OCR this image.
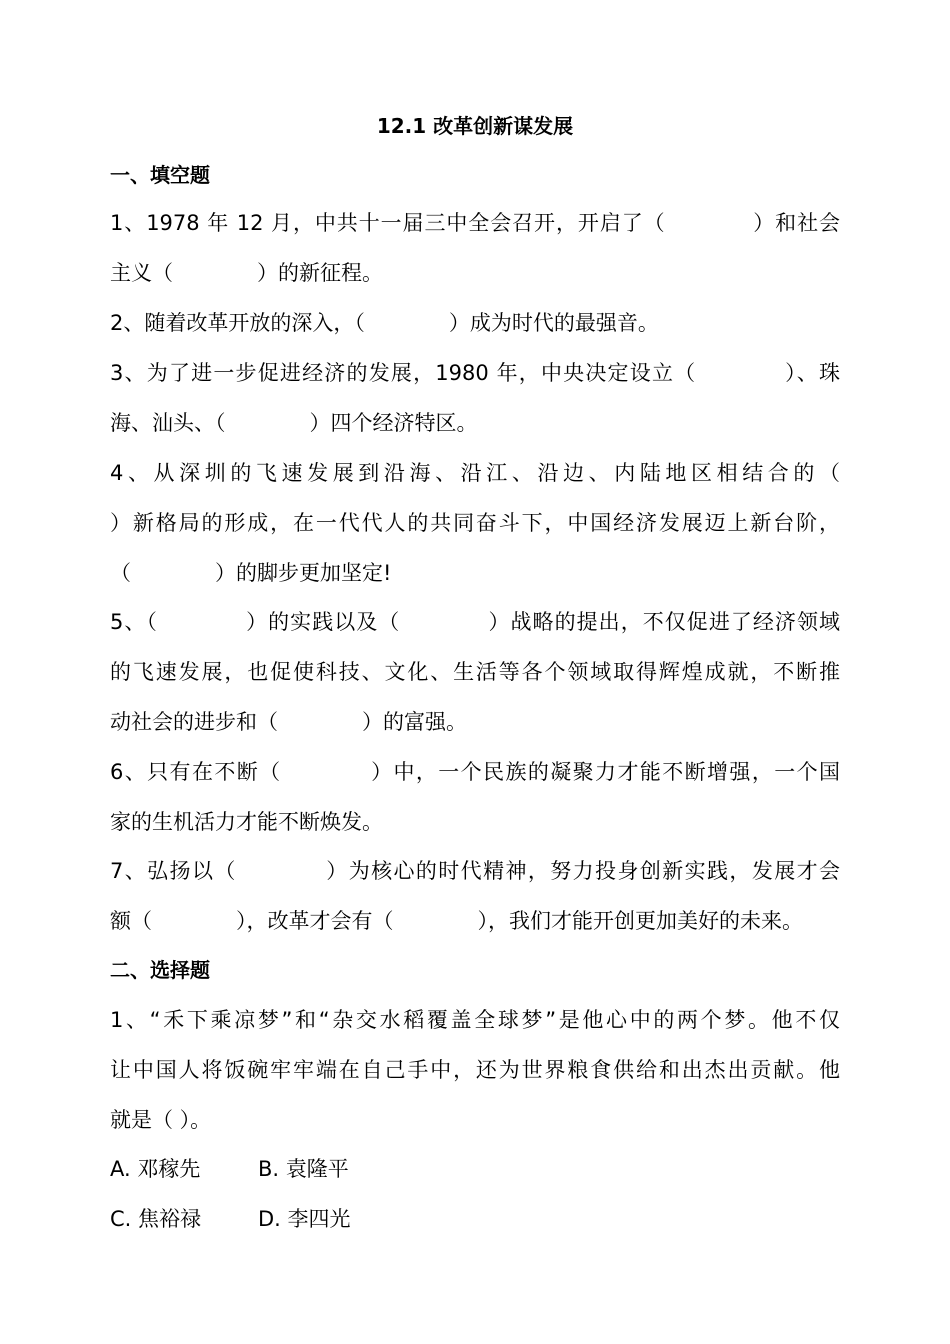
12.1 改革创新谋发展
一、填空题
1、1978 年 12 月，中共十一届三中全会召开，开启了（　　　　）和社会
主义（　　　　）的新征程。
2、随着改革开放的深入，（　　　　）成为时代的最强音。
3、为了进一步促进经济的发展，1980 年，中央决定设立（　　　　）、珠
海、汕头、（　　　　）四个经济特区。
4、从深圳的飞速发展到沿海、沿江、沿边、内陆地区相结合的（
）新格局的形成，在一代代人的共同奋斗下，中国经济发展迈上新台阶，
（　　　　）的脚步更加坚定!
5、（　　　　）的实践以及（　　　　）战略的提出，不仅促进了经济领域
的飞速发展，也促使科技、文化、生活等各个领域取得辉煌成就，不断推
动社会的进步和（　　　　）的富强。
6、只有在不断（　　　　）中，一个民族的凝聚力才能不断增强，一个国
家的生机活力才能不断焕发。
7、弘扬以（　　　　）为核心的时代精神，努力投身创新实践，发展才会
额（　　　　），改革才会有（　　　　），我们才能开创更加美好的未来。
二、选择题
1、“禾下乘凉梦”和“杂交水稻覆盖全球梦”是他心中的两个梦。他不仅
让中国人将饭碗牢牢端在自己手中，还为世界粮食供给和出杰出贡献。他
就是（ ）。
A. 邓稼先	B. 袁隆平
C. 焦裕禄	D. 李四光
